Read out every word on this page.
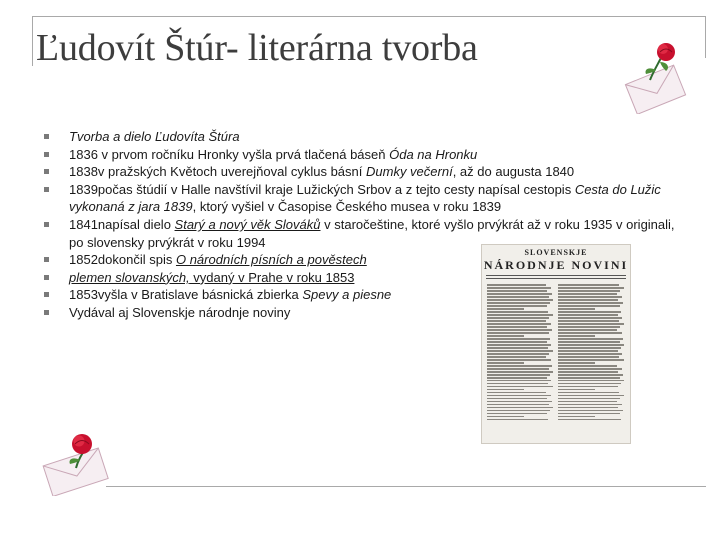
Ľudovít Štúr- literárna tvorba
SLOVENSKJE
NÁRODNJE NOVINI
Tvorba a dielo Ľudovíta Štúra
1836 v prvom ročníku Hronky vyšla prvá tlačená báseň Óda na Hronku
1838v pražských Květoch uverejňoval cyklus básní Dumky večerní, až do augusta 1840
1839počas štúdií v Halle navštívil kraje Lužických Srbov a z tejto cesty napísal cestopis Cesta do Lužic vykonaná z jara 1839, ktorý vyšiel v Časopise Českého musea v roku 1839
1841napísal dielo Starý a nový věk Slováků v staročeštine, ktoré vyšlo prvýkrát až v roku 1935 v originali, po slovensky prvýkrát v roku 1994
1852dokončil spis O národních písních a pověstech
plemen slovanských, vydaný v Prahe v roku 1853
1853vyšla v Bratislave básnická zbierka Spevy a piesne
Vydával aj Slovenskje národnje noviny
